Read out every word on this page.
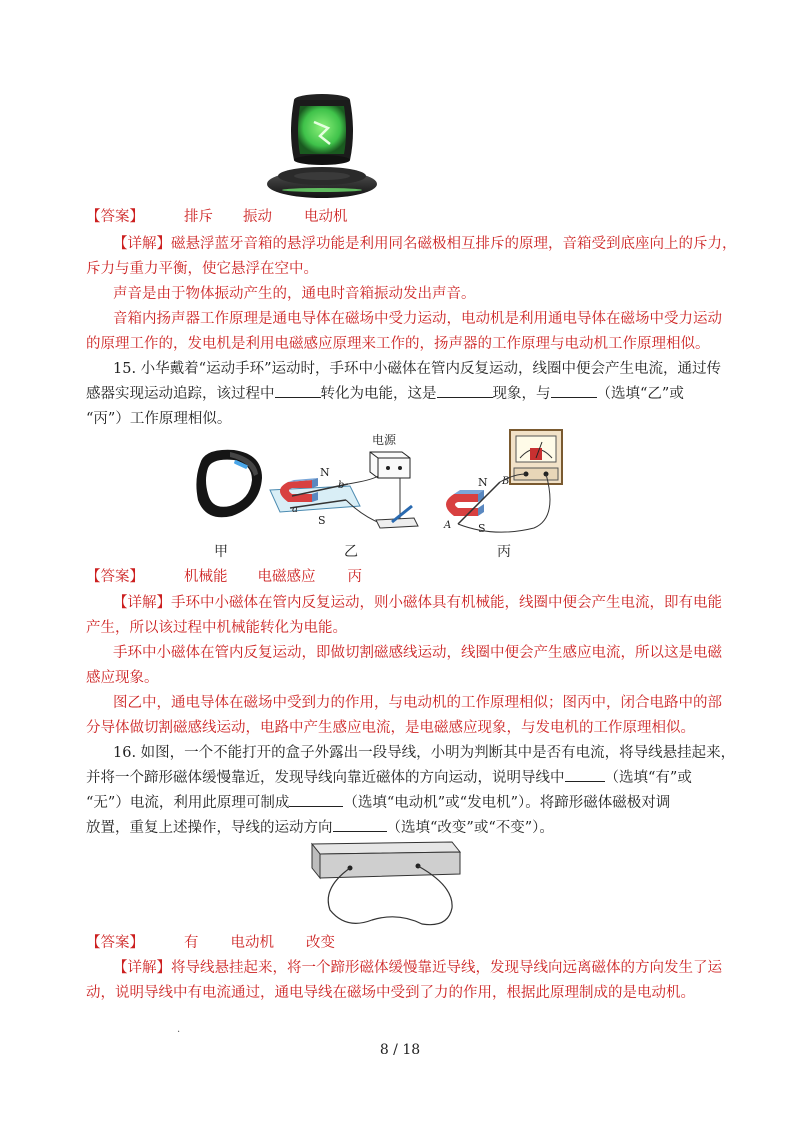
【答案】	排斥 振动 电动机
【详解】磁悬浮蓝牙音箱的悬浮功能是利用同名磁极相互排斥的原理，音箱受到底座向上的斥力，
斥力与重力平衡，使它悬浮在空中。
声音是由于物体振动产生的，通电时音箱振动发出声音。
音箱内扬声器工作原理是通电导体在磁场中受力运动，电动机是利用通电导体在磁场中受力运动
的原理工作的，发电机是利用电磁感应原理来工作的，扬声器的工作原理与电动机工作原理相似。
15. 小华戴着“运动手环”运动时，手环中小磁体在管内反复运动，线圈中便会产生电流，通过传
感器实现运动追踪，该过程中	转化为电能，这是	现象，与	（选填“乙”或
“丙”）工作原理相似。
甲
电源
N
S
b
a
乙
N
S
A
B
丙
【答案】	机械能 电磁感应 丙
【详解】手环中小磁体在管内反复运动，则小磁体具有机械能，线圈中便会产生电流，即有电能
产生，所以该过程中机械能转化为电能。
手环中小磁体在管内反复运动，即做切割磁感线运动，线圈中便会产生感应电流，所以这是电磁
感应现象。
图乙中，通电导体在磁场中受到力的作用，与电动机的工作原理相似；图丙中，闭合电路中的部
分导体做切割磁感线运动，电路中产生感应电流，是电磁感应现象，与发电机的工作原理相似。
16. 如图，一个不能打开的盒子外露出一段导线，小明为判断其中是否有电流，将导线悬挂起来，
并将一个蹄形磁体缓慢靠近，发现导线向靠近磁体的方向运动，说明导线中	（选填“有”或
“无”）电流，利用此原理可制成	（选填“电动机”或“发电机”）。将蹄形磁体磁极对调
放置，重复上述操作，导线的运动方向	（选填“改变”或“不变”）。
【答案】	有 电动机 改变
【详解】将导线悬挂起来，将一个蹄形磁体缓慢靠近导线，发现导线向远离磁体的方向发生了运
动，说明导线中有电流通过，通电导线在磁场中受到了力的作用，根据此原理制成的是电动机。
.
8 / 18
